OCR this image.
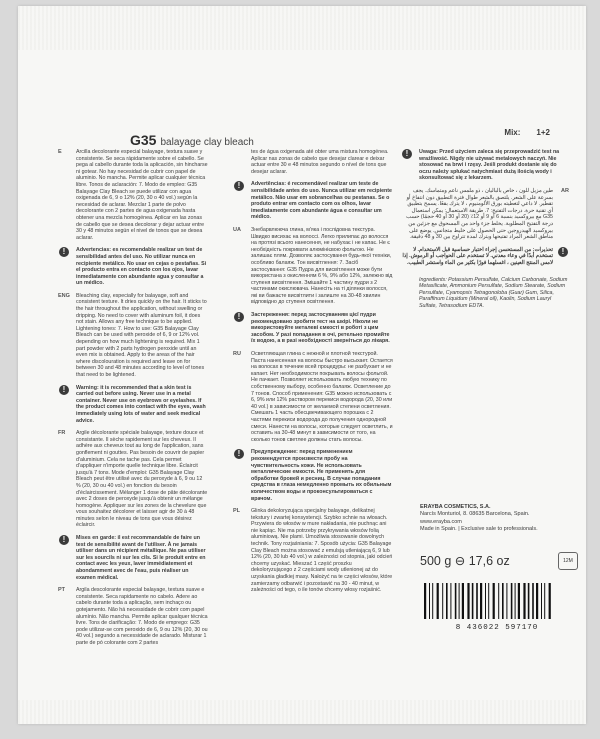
G35 balayage clay bleach
Mix: 1+2
E	Arcilla decolorante especial balayage, textura suave y consistente. Se seca rápidamente sobre el cabello. Se pega al cabello durante toda la aplicación, sin hincharse ni gotear. No hay necesidad de cubrir con papel de aluminio. No mancha. Permite aplicar cualquier técnica libre. Tonos de aclaración: 7. Modo de empleo: G35 Balayage Clay Bleach se puede utilizar con agua oxigenada de 6, 9 o 12% (20, 30 o 40 vol.) según la necesidad de aclarar. Mezclar 1 parte de polvo decolorante con 2 partes de agua oxigenada hasta obtener una mezcla homogénea. Aplicar en las zonas de cabello que se desea decolorar y dejar actuar entre 30 y 48 minutos según el nivel de tonos que se desea aclarar.
!	Advertencias: es recomendable realizar un test de sensibilidad antes del uso. No utilizar nunca en recipiente metálico. No usar en cejas o pestañas. Si el producto entra en contacto con los ojos, lavar inmediatamente con abundante agua y consultar a un médico.
ENG Bleaching clay, especially for balayage, soft and consistent texture. It dries quickly on the hair. It sticks to the hair throughout the application, without swelling or dripping. No need to cover with aluminum foil, it does not stain. Allows any free technique to be applied. Lightening tones: 7. How to use: G35 Balayage Clay Bleach can be used with peroxide of 6, 9 or 12% vol. depending on how much lightening is required. Mix 1 part powder with 2 parts hydrogen peroxide until an even mix is obtained. Apply to the areas of the hair where discolouration is required and leave on for between 30 and 48 minutes according to level of tones that need to be lightened.
!	Warning: it is recommended that a skin test is carried out before using. Never use in a metal container. Never use on eyebrows or eyelashes. If the product comes into contact with the eyes, wash immediately using lots of water and seek medical advice.
FR Argile décolorante spéciale balayage, texture douce et consistante. Il sèche rapidement sur les cheveux. Il adhère aux cheveux tout au long de l'application, sans gonflement ni gouttes. Pas besoin de couvrir de papier d'aluminium. Cela ne tache pas. Cela permet d'appliquer n'importe quelle technique libre. Éclaircit jusqu'à 7 tons. Mode d'emploi: G35 Balayage Clay Bleach peut être utilisé avec du peroxyde à 6, 9 ou 12 % (20, 30 ou 40 vol.) en fonction du besoin d'éclaircissement. Mélanger 1 dose de pâte décolorante avec 2 doses de peroxyde jusqu'à obtenir un mélange homogène. Appliquer sur les zones de la chevelure que vous souhaitez décolorer et laisser agir de 30 à 48 minutes selon le niveau de tons que vous désirez éclaircir.
!	Mises en garde: il est recommandable de faire un test de sensibilité avant de l'utiliser. À ne jamais utiliser dans un récipient métallique. Ne pas utiliser sur les sourcils ni sur les cils. Si le produit entre en contact avec les yeux, laver immédiatement et abondamment avec de l'eau, puis réaliser un examen médical.
PT Argila descolorante especial balayage, textura suave e consistente. Seca rapidamente no cabelo. Adere ao cabelo durante toda a aplicação, sem inchaço ou gotejamento. Não há necessidade de cobrir com papel alumínio. Não mancha. Permite aplicar qualquer técnica livre. Tons de clarificação: 7. Modo de emprego: G35 pode utilizar-se com peroxido de 6, 9 ou 12% (20, 30 ou 40 vol.) segundo a necessidade de aclarado. Misturar 1 parte de pó colorante com 2 partes
tes de água oxigenada até obter uma mistura homogénea. Aplicar nas zonas de cabelo que desejar clarear e deixar actuar entre 30 e 48 minutos segundo o nível de tons que desejar aclarar.
!	Advertências: é recomendável realizar um teste de sensibilidade antes do uso. Nunca utilizar em recipiente metálico. Não usar em sobrancelhas ou pestanas. Se o produto entrar em contacto com os olhos, lavar imediatamente com abundante água e consultar um médico.
UA Знебарвлююча глина, м'яка і послідовна текстура. Швидко висихає на волоссі. Легко прилипає до волосся на протязі всього нанесення, не набухає і не капає. Не є необхідність покривати алюмінієвою фольгою. Не залишає плям. Дозволяє застосування будь-якої техніки, особливо балаяж. Тон висвітлення: 7. Засіб застосування: G35 Пудра для висвітлення може бути використана з окисленням 6 %, 9% або 12%, залежно від ступеня висвітлення. Змішайте 1 частину пудри з 2 частинами окислювача. Нанесіть на ті ділянки волосся, які ви бажаєте висвітлити і залиште на 30-48 хвилин відповідно до ступеня освітлення.
!	Застереження: перед застосуванням цієї пудри рекомендовано зробити тест на шкірі. Ніколи не використовуйте металеві ємкості в роботі з цим засобом. У разі попадання в очі, ретельно промийте їх водою, а в разі необхідності зверніться до лікаря.
RU Осветляющая глина с нежной и плотной текстурой. Паста нанесенная на волосы быстро высыхает. Остается на волосах в течение всей процедуры: не разбухает и не капает. Нет необходимости покрывать волосы фольгой. Не пачкает. Позволяет использовать любую технику по собственному выбору, особенно балаяж. Осветление до 7 тонов. Способ применения: G35 можно использовать с 6, 9% или 12% раствором перекиси водорода (20, 30 или 40 vol.) в зависимости от желаемой степени осветления. Смешать 1 часть обесцвечивающего порошка с 2 частями перекиси водорода до получения однородной смеси. Нанести на волосы, которые следует осветлить, и оставить на 30-48 минут в зависимости от того, на сколько тонов светлее должны стать волосы.
!	Предупреждение: перед применением рекомендуется произвести пробу на чувствительность кожи. Не использовать металлические емкости. Не применять для обработки бровей и ресниц. В случае попадания средства в глаза немедленно промыть их обильным количеством воды и проконсультироваться с врачом.
PL Glinka dekoloryzująca specjalny balayage, delikatnej tekstury i zwartej konsystencji. Szybko schnie na włosach. Przywiera do włosów w mure nakładania, nie puchnąc ani nie kapiąc. Nie ma potrzeby przykrywania włosów folią aluminiową. Nie plami. Umożliwia stosowanie dowolnych technik. Tony rozjaśniania: 7. Sposób użycia: G35 Balayage Clay Bleach można stosować z emulsją utleniającą 6, 9 lub 12% (20, 30 lub 40 vol.) w zależności od stopnia, jaki odcień chcemy uzyskać. Mieszać 1 część proszku dekoloryzującego z 2 częściami wody utlenionej aż do uzyskania gładkiej masy. Nałożyć na te części włosów, które zamierzamy odbarwić i pozostawić na 30 - 40 minut, w zależności od tego, o ile tonów chcemy włosy rozjaśnić.
!	Uwaga: Przed użyciem zaleca się przeprowadzić test na wrażliwość. Nigdy nie używać metalowych naczyń. Nie stosować na brwi i rzęsy. Jeśli produkt dostanie się do oczu należy spłukać natychmiast dużą ilością wody i skonsultować się z lekarzem.
AR
طين مزيل للون ، خاص بالباليان ، ذو ملمس ناعم ومتماسك. يجف بسرعة على الشعر. يلتصق بالشعر طوال فترة التطبيق دون انتفاخ أو تقطير. لا داعي لتغطيته بورق الألومنيوم ، لا يترك بقعًا. يسمح بتطبيق أي تقنية حرة. درجات التفتيح: 7. طريقة الاستعمال: يمكن استعمال G35 مع بيروكسيد بنسبة 6 أو 9 أو 12٪ (20 أو 30 أو 40 حجمًا) حسب درجة التفتيح المطلوبة. يخلط جزء واحد من المسحوق مع جزئين من بيروكسيد الهيدروجين حتى الحصول على خليط متجانس. يوضع على مناطق الشعر المراد تفتيحها ويترك لمدة تتراوح بين 30 و 48 دقيقة.
!
تحذيرات: من المستحسن إجراء اختبار حساسية قبل الاستخدام. لا تستخدم أبدًا في وعاء معدني. لا تستخدم على الحواجب أو الرموش. إذا لامس المنتج العينين ، اغسلهما فورًا بكثير من الماء واستشر الطبيب.
Ingredients: Potassium Persulfate, Calcium Carbonate, Sodium Metasilicate, Ammonium Persulfate, Sodium Stearate, Sodium Persulfate, Cyamopsis Tetragonoloba (Guar) Gum, Silica, Paraffinum Liquidum (Mineral oil), Kaolin, Sodium Lauryl Sulfate, Tetrasodium EDTA.
ERAYBA COSMETICS, S.A.
Narcís Monturiol, 8. 08635 Barcelona, Spain.
www.erayba.com
Made in Spain. | Exclusive sale to professionals.
500 g ⊖ 17,6 oz	12M
8 436022 597170
